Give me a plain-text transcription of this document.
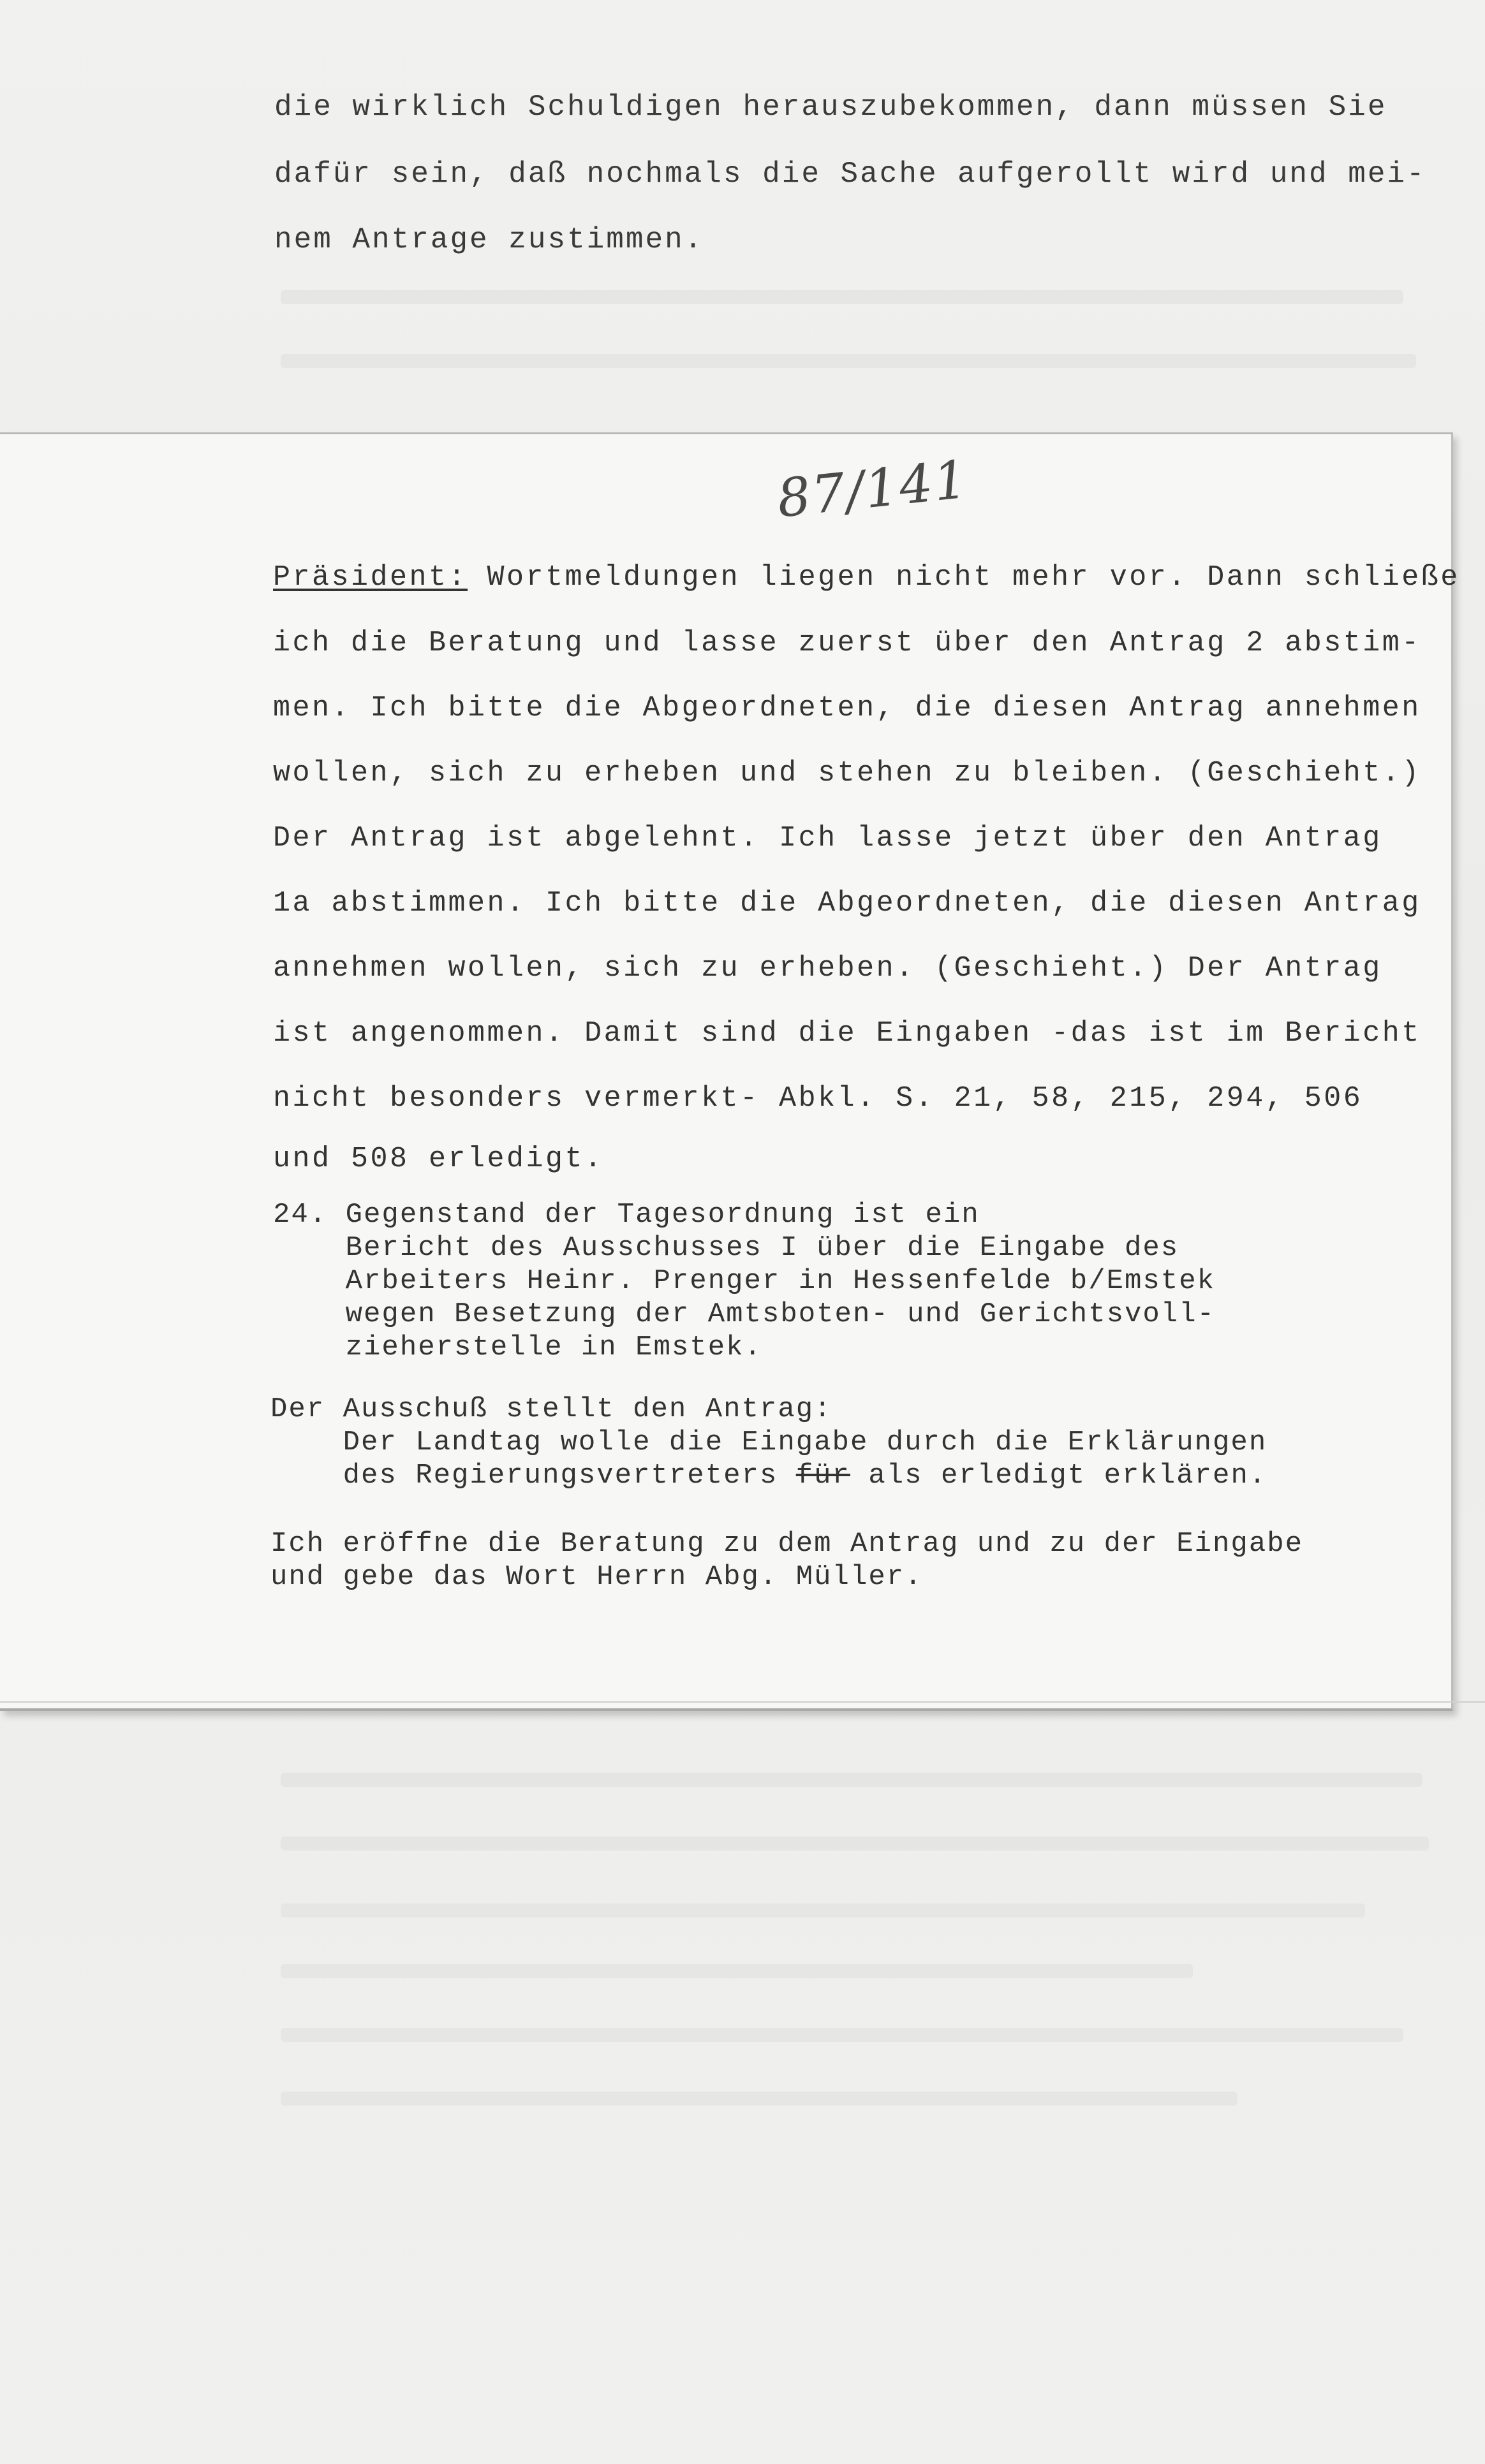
die wirklich Schuldigen herauszubekommen, dann müssen Sie

dafür sein, daß nochmals die Sache aufgerollt wird und mei-

nem Antrage zustimmen.

87/141

Präsident: Wortmeldungen liegen nicht mehr vor. Dann schließe

ich die Beratung und lasse zuerst über den Antrag 2 abstim-

men. Ich bitte die Abgeordneten, die diesen Antrag annehmen

wollen, sich zu erheben und stehen zu bleiben. (Geschieht.)

Der Antrag ist abgelehnt. Ich lasse jetzt über den Antrag

1a abstimmen. Ich bitte die Abgeordneten, die diesen Antrag

annehmen wollen, sich zu erheben. (Geschieht.) Der Antrag

ist angenommen. Damit sind die Eingaben -das ist im Bericht

nicht besonders vermerkt- Abkl. S. 21, 58, 215, 294, 506

und 508 erledigt.

24. Gegenstand der Tagesordnung ist ein

Bericht des Ausschusses I über die Eingabe des

Arbeiters Heinr. Prenger in Hessenfelde b/Emstek

wegen Besetzung der Amtsboten- und Gerichtsvoll-

zieherstelle in Emstek.

Der Ausschuß stellt den Antrag:

Der Landtag wolle die Eingabe durch die Erklärungen

des Regierungsvertreters für als erledigt erklären.

Ich eröffne die Beratung zu dem Antrag und zu der Eingabe

und gebe das Wort Herrn Abg. Müller.
